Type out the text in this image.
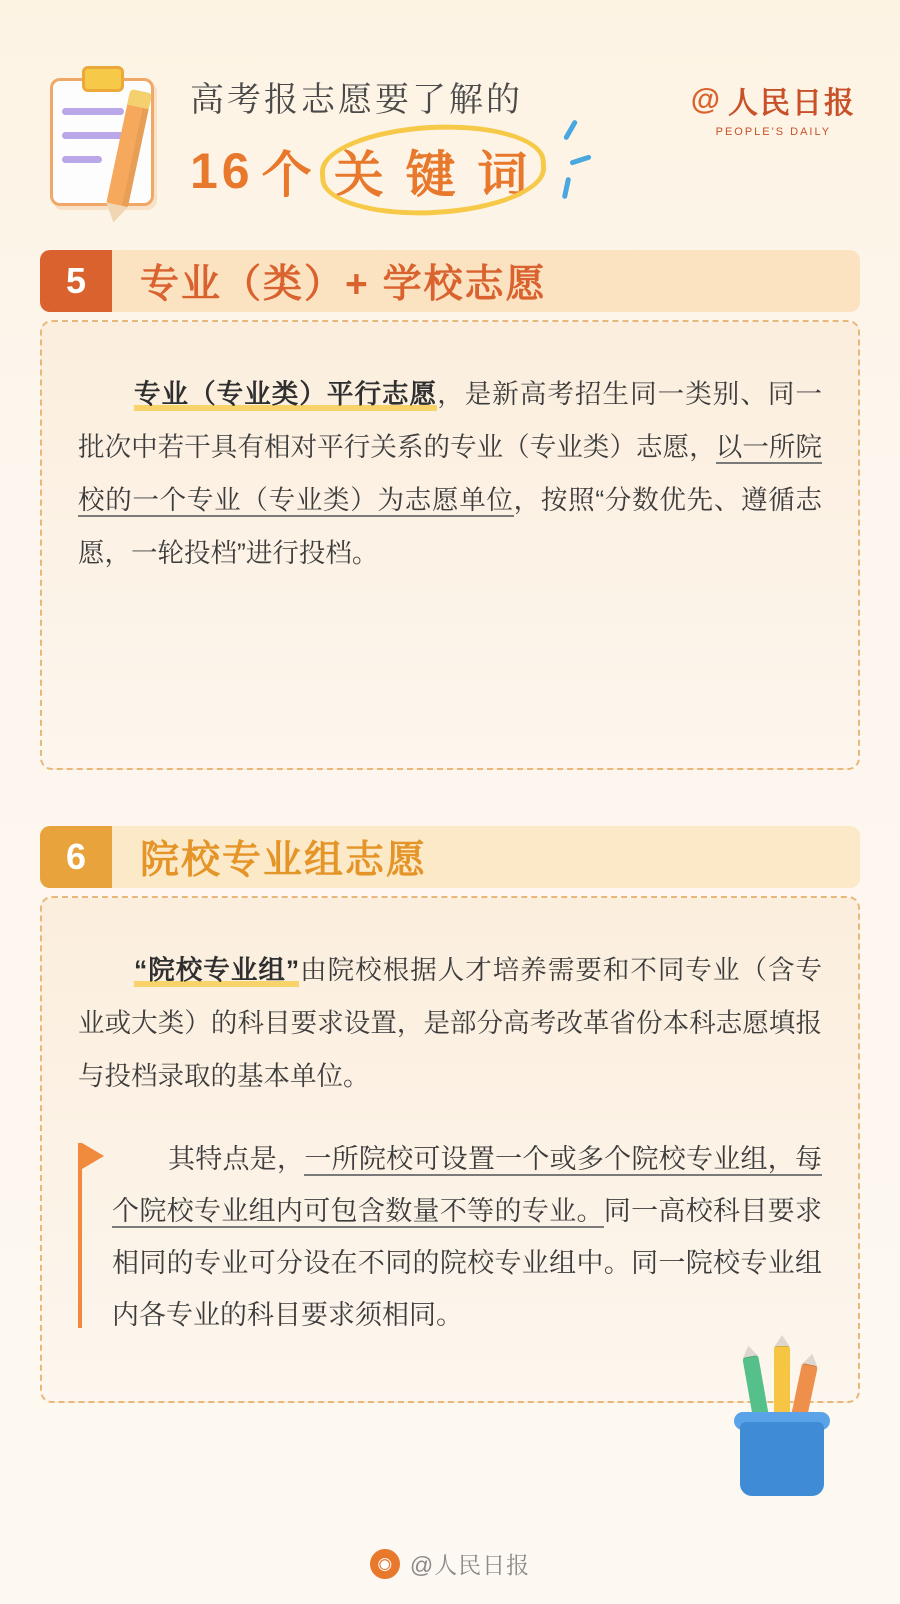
高考报志愿要了解的
16 个 关 键 词
@ 人民日报
PEOPLE'S DAILY
5	专业（类）+ 学校志愿

专业（专业类）平行志愿，是新高考招生同一类别、同一批次中若干具有相对平行关系的专业（专业类）志愿，以一所院校的一个专业（专业类）为志愿单位，按照“分数优先、遵循志愿，一轮投档”进行投档。

6	院校专业组志愿

“院校专业组”由院校根据人才培养需要和不同专业（含专业或大类）的科目要求设置，是部分高考改革省份本科志愿填报与投档录取的基本单位。

其特点是，一所院校可设置一个或多个院校专业组，每个院校专业组内可包含数量不等的专业。同一高校科目要求相同的专业可分设在不同的院校专业组中。同一院校专业组内各专业的科目要求须相同。

◉ @人民日报
